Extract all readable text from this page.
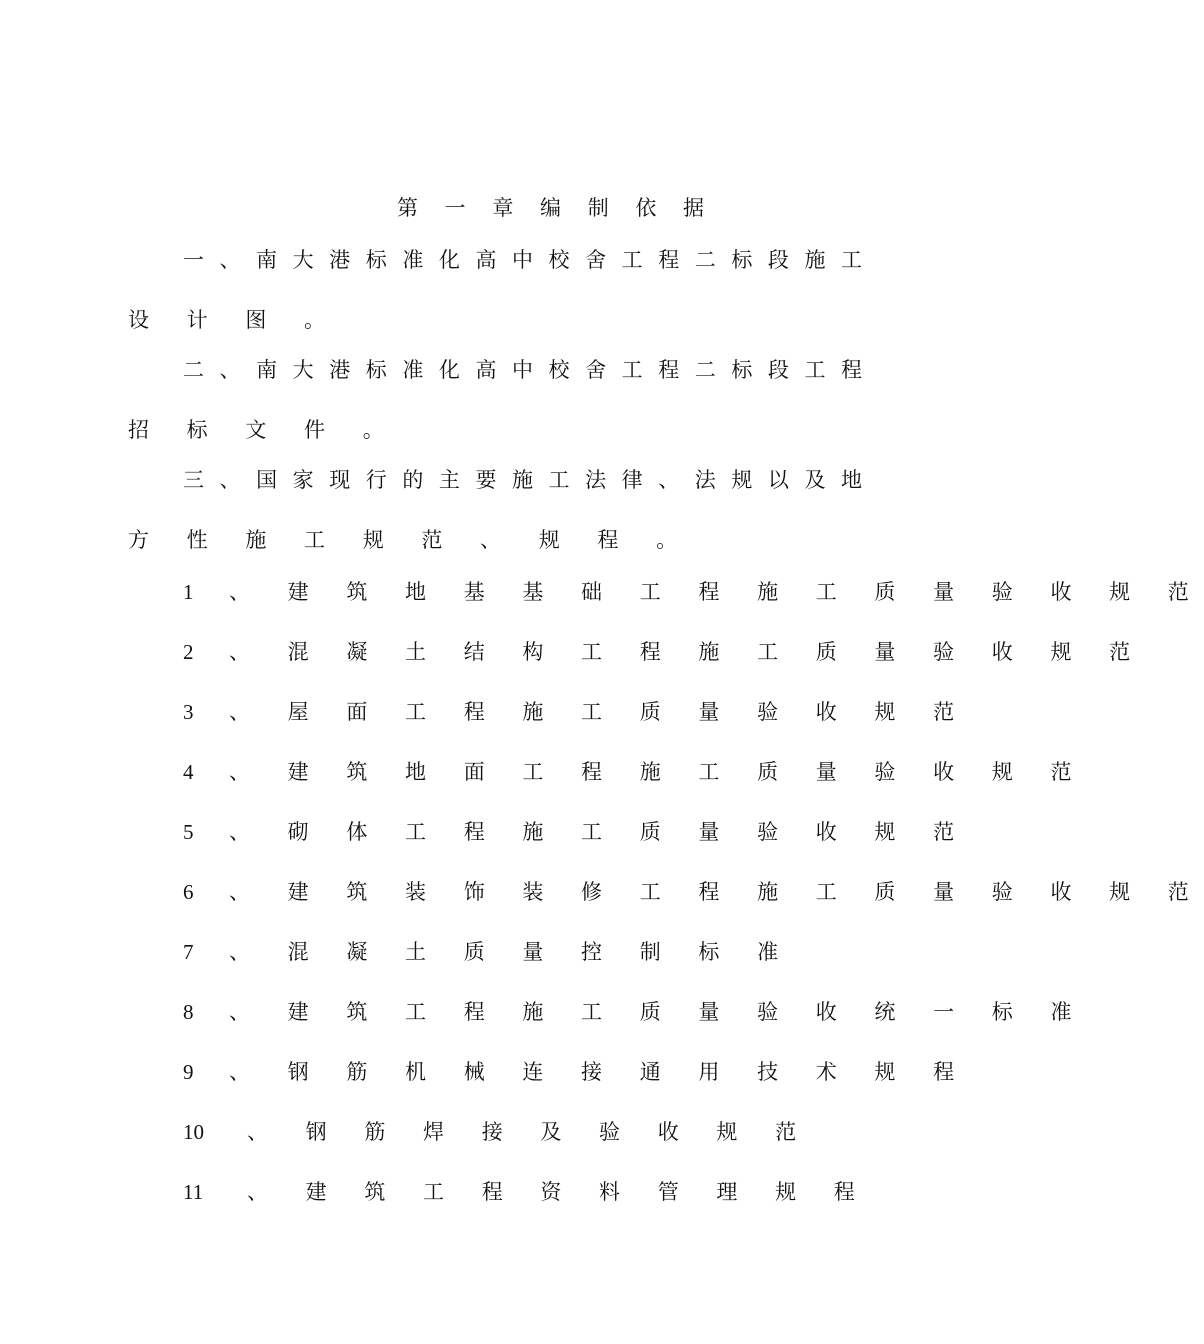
第 一 章 编 制 依 据
一 、 南 大 港 标 准 化 高 中 校 舍 工 程 二 标 段 施 工
设 计 图 。
二 、 南 大 港 标 准 化 高 中 校 舍 工 程 二 标 段 工 程
招 标 文 件 。
三 、 国 家 现 行 的 主 要 施 工 法 律 、 法 规 以 及 地
方 性 施 工 规 范 、 规 程 。
1 、 建 筑 地 基 基 础 工 程 施 工 质 量 验 收 规 范
2 、 混 凝 土 结 构 工 程 施 工 质 量 验 收 规 范
3 、 屋 面 工 程 施 工 质 量 验 收 规 范
4 、 建 筑 地 面 工 程 施 工 质 量 验 收 规 范
5 、 砌 体 工 程 施 工 质 量 验 收 规 范
6 、 建 筑 装 饰 装 修 工 程 施 工 质 量 验 收 规 范
7 、 混 凝 土 质 量 控 制 标 准
8 、 建 筑 工 程 施 工 质 量 验 收 统 一 标 准
9 、 钢 筋 机 械 连 接 通 用 技 术 规 程
10 、 钢 筋 焊 接 及 验 收 规 范
11 、 建 筑 工 程 资 料 管 理 规 程
